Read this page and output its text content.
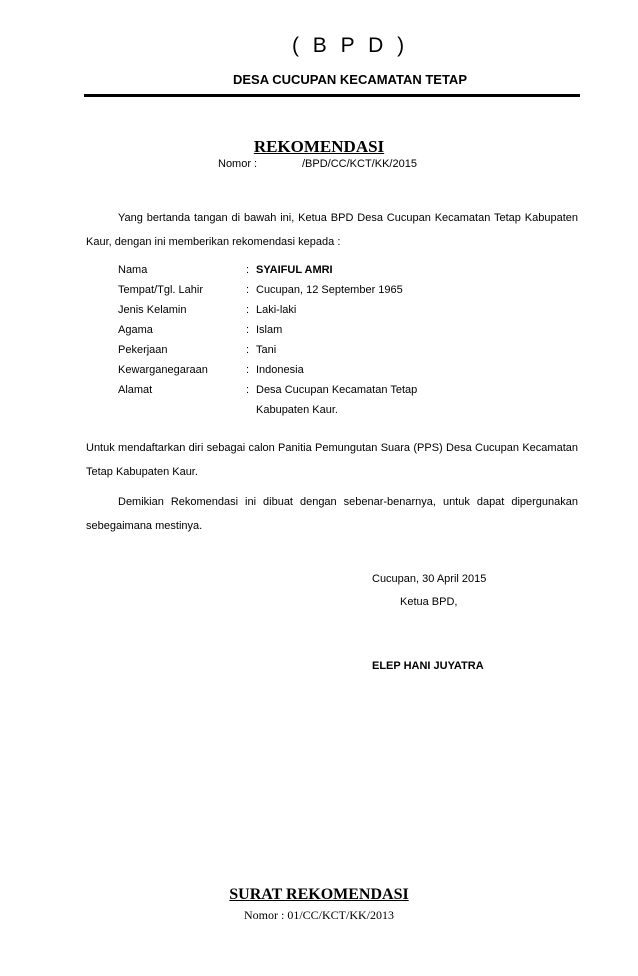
( B P D )
DESA CUCUPAN KECAMATAN TETAP
REKOMENDASI
Nomor :	/BPD/CC/KCT/KK/2015
Yang bertanda tangan di bawah ini, Ketua BPD Desa Cucupan Kecamatan Tetap Kabupaten Kaur, dengan ini memberikan rekomendasi kepada :
Nama	: SYAIFUL AMRI
Tempat/Tgl. Lahir	: Cucupan, 12 September 1965
Jenis Kelamin	: Laki-laki
Agama	: Islam
Pekerjaan	: Tani
Kewarganegaraan	: Indonesia
Alamat	: Desa Cucupan Kecamatan Tetap
Kabupaten Kaur.
Untuk mendaftarkan diri sebagai calon Panitia Pemungutan Suara (PPS) Desa Cucupan Kecamatan Tetap Kabupaten Kaur.
Demikian Rekomendasi ini dibuat dengan sebenar-benarnya, untuk dapat dipergunakan sebegaimana mestinya.
Cucupan, 30 April 2015
Ketua BPD,
ELEP HANI JUYATRA
SURAT REKOMENDASI
Nomor : 01/CC/KCT/KK/2013
